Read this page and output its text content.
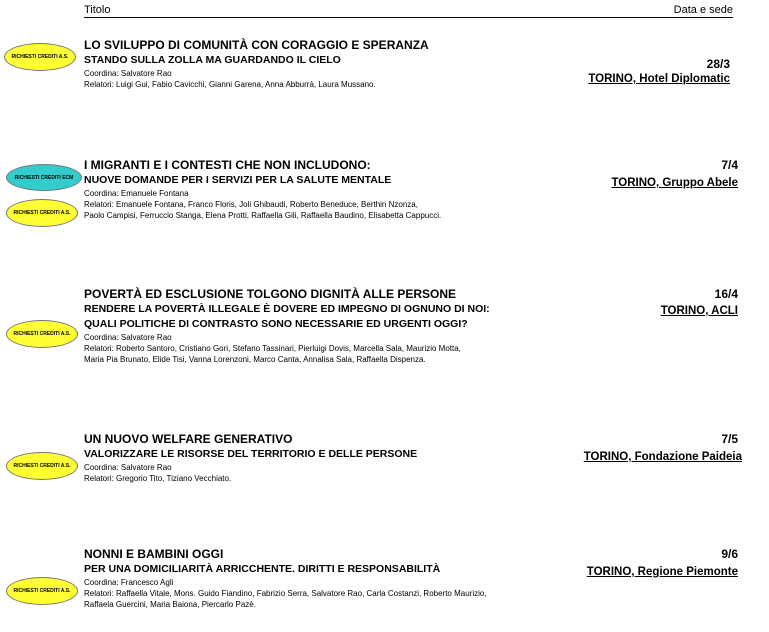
Titolo	Data e sede
RICHIESTI CREDITI A.S.

LO SVILUPPO DI COMUNITÀ CON CORAGGIO E SPERANZA

STANDO SULLA ZOLLA MA GUARDANDO IL CIELO

Coordina: Salvatore Rao

Relatori: Luigi Gui, Fabio Cavicchi, Gianni Garena, Anna Abburrà, Laura Mussano.

28/3
TORINO, Hotel Diplomatic
RICHIESTI CREDITI ECM
RICHIESTI CREDITI A.S.

I MIGRANTI E I CONTESTI CHE NON INCLUDONO:

NUOVE DOMANDE PER I SERVIZI PER LA SALUTE MENTALE

Coordina: Emanuele Fontana

Relatori: Emanuele Fontana, Franco Floris, Joli Ghibaudi, Roberto Beneduce, Berthin Nzonza,
Paolo Campisi, Ferruccio Stanga, Elena Protti, Raffaella Gili, Raffaella Baudino, Elisabetta Cappucci.

7/4
TORINO, Gruppo Abele
RICHIESTI CREDITI A.S.

POVERTÀ ED ESCLUSIONE TOLGONO DIGNITÀ ALLE PERSONE

RENDERE LA POVERTÀ ILLEGALE È DOVERE ED IMPEGNO DI OGNUNO DI NOI:

QUALI POLITICHE DI CONTRASTO SONO NECESSARIE ED URGENTI OGGI?

Coordina: Salvatore Rao

Relatori: Roberto Santoro, Cristiano Gori, Stefano Tassinari, Pierluigi Dovis, Marcella Sala, Maurizio Motta,
Maria Pia Brunato, Elide Tisi, Vanna Lorenzoni, Marco Canta, Annalisa Sala, Raffaella Dispenza.

16/4
TORINO, ACLI
RICHIESTI CREDITI A.S.

UN NUOVO WELFARE GENERATIVO

VALORIZZARE LE RISORSE DEL TERRITORIO E DELLE PERSONE

Coordina: Salvatore Rao

Relatori: Gregorio Tito, Tiziano Vecchiato.

7/5
TORINO, Fondazione Paideia
RICHIESTI CREDITI A.S.

NONNI E BAMBINI OGGI

PER UNA DOMICILIARITÀ ARRICCHENTE. DIRITTI E RESPONSABILITÀ

Coordina: Francesco Agli

Relatori: Raffaella Vitale, Mons. Guido Fiandino, Fabrizio Serra, Salvatore Rao, Carla Costanzi, Roberto Maurizio,
Raffaela Guercini, Maria Baiona, Piercarlo Pazè.

9/6
TORINO, Regione Piemonte
